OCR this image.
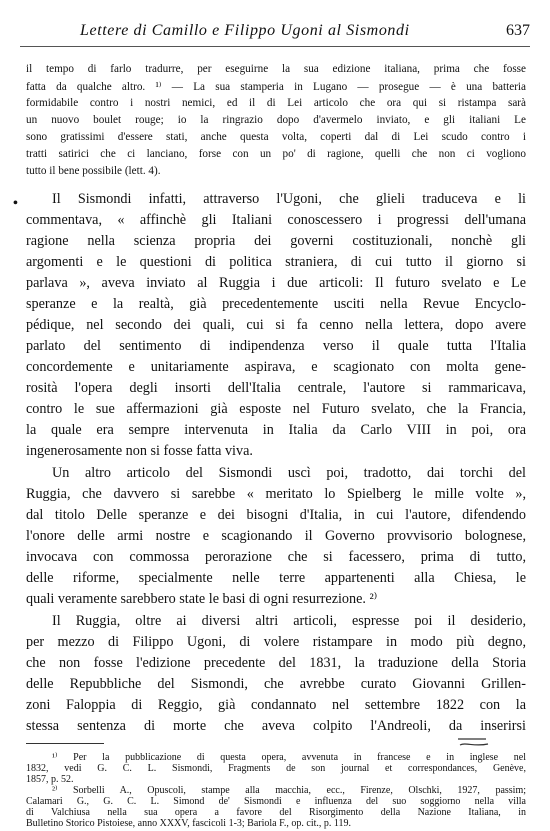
Lettere di Camillo e Filippo Ugoni al Sismondi	637
•
il tempo di farlo tradurre, per eseguirne la sua edizione italiana, prima che fosse
fatta da qualche altro. ¹⁾ — La sua stamperia in Lugano — prosegue — è una batteria
formidabile contro i nostri nemici, ed il di Lei articolo che ora qui si ristampa sarà
un nuovo boulet rouge; io la ringrazio dopo d'avermelo inviato, e gli italiani Le
sono gratissimi d'essere stati, anche questa volta, coperti dal di Lei scudo contro i
tratti satirici che ci lanciano, forse con un po' di ragione, quelli che non ci vogliono
tutto il bene possibile (lett. 4).
Il Sismondi infatti, attraverso l'Ugoni, che glieli traduceva e li
commentava, « affinchè gli Italiani conoscessero i progressi dell'umana
ragione nella scienza propria dei governi costituzionali, nonchè gli
argomenti e le questioni di politica straniera, di cui tutto il giorno si
parlava », aveva inviato al Ruggia i due articoli: Il futuro svelato e Le
speranze e la realtà, già precedentemente usciti nella Revue Encyclo-
pédique, nel secondo dei quali, cui si fa cenno nella lettera, dopo avere
parlato del sentimento di indipendenza verso il quale tutta l'Italia
concordemente e unitariamente aspirava, e scagionato con molta gene-
rosità l'opera degli insorti dell'Italia centrale, l'autore si rammaricava,
contro le sue affermazioni già esposte nel Futuro svelato, che la Francia,
la quale era sempre intervenuta in Italia da Carlo VIII in poi, ora
ingenerosamente non si fosse fatta viva.
Un altro articolo del Sismondi uscì poi, tradotto, dai torchi del
Ruggia, che davvero si sarebbe « meritato lo Spielberg le mille volte »,
dal titolo Delle speranze e dei bisogni d'Italia, in cui l'autore, difendendo
l'onore delle armi nostre e scagionando il Governo provvisorio bolognese,
invocava con commossa perorazione che si facessero, prima di tutto,
delle riforme, specialmente nelle terre appartenenti alla Chiesa, le
quali veramente sarebbero state le basi di ogni resurrezione. ²⁾
Il Ruggia, oltre ai diversi altri articoli, espresse poi il desiderio,
per mezzo di Filippo Ugoni, di volere ristampare in modo più degno,
che non fosse l'edizione precedente del 1831, la traduzione della Storia
delle Repubbliche del Sismondi, che avrebbe curato Giovanni Grillen-
zoni Faloppia di Reggio, già condannato nel settembre 1822 con la
stessa sentenza di morte che aveva colpito l'Andreoli, da inserirsi
¹⁾ Per la pubblicazione di questa opera, avvenuta in francese e in inglese nel
1832, vedi G. C. L. Sismondi, Fragments de son journal et correspondances, Genève,
1857, p. 52.
²⁾ Sorbelli A., Opuscoli, stampe alla macchia, ecc., Firenze, Olschki, 1927, passim;
Calamari G., G. C. L. Simond de' Sismondi e influenza del suo soggiorno nella villa
di Valchiusa nella sua opera a favore del Risorgimento della Nazione Italiana, in
Bulletino Storico Pistoiese, anno XXXV, fascicoli 1-3; Bariola F., op. cit., p. 119.
